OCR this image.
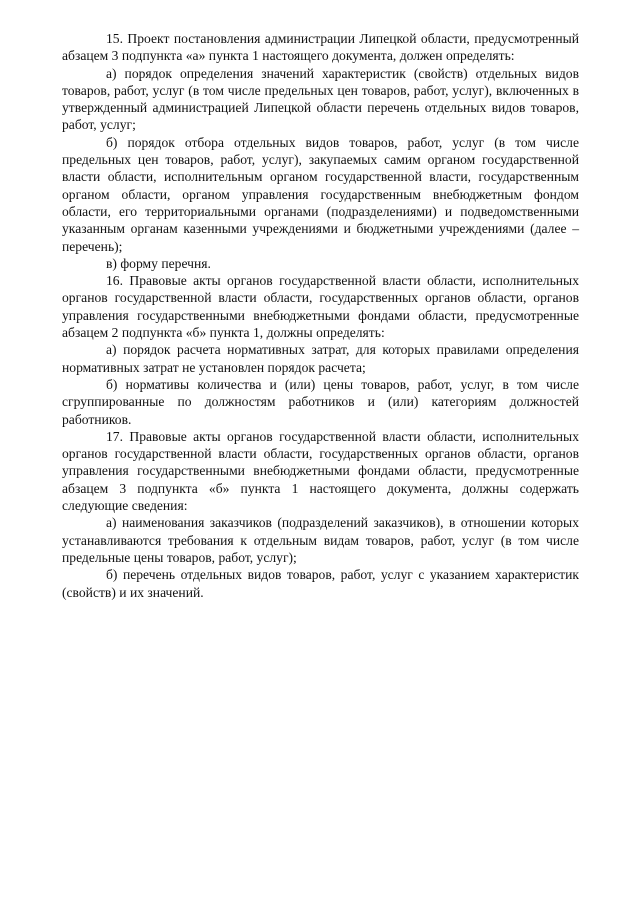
15. Проект постановления администрации Липецкой области, предусмотренный абзацем 3 подпункта «а» пункта 1 настоящего документа, должен определять:

а) порядок определения значений характеристик (свойств) отдельных видов товаров, работ, услуг (в том числе предельных цен товаров, работ, услуг), включенных в утвержденный администрацией Липецкой области перечень отдельных видов товаров, работ, услуг;

б) порядок отбора отдельных видов товаров, работ, услуг (в том числе предельных цен товаров, работ, услуг), закупаемых самим органом государственной власти области, исполнительным органом государственной власти, государственным органом области, органом управления государственным внебюджетным фондом области, его территориальными органами (подразделениями) и подведомственными указанным органам казенными учреждениями и бюджетными учреждениями (далее – перечень);

в) форму перечня.

16. Правовые акты органов государственной власти области, исполнительных органов государственной власти области, государственных органов области, органов управления государственными внебюджетными фондами области, предусмотренные абзацем 2 подпункта «б» пункта 1, должны определять:

а) порядок расчета нормативных затрат, для которых правилами определения нормативных затрат не установлен порядок расчета;

б) нормативы количества и (или) цены товаров, работ, услуг, в том числе сгруппированные по должностям работников и (или) категориям должностей работников.

17. Правовые акты органов государственной власти области, исполнительных органов государственной власти области, государственных органов области, органов управления государственными внебюджетными фондами области, предусмотренные абзацем 3 подпункта «б» пункта 1 настоящего документа, должны содержать следующие сведения:

а) наименования заказчиков (подразделений заказчиков), в отношении которых устанавливаются требования к отдельным видам товаров, работ, услуг (в том числе предельные цены товаров, работ, услуг);

б) перечень отдельных видов товаров, работ, услуг с указанием характеристик (свойств) и их значений.
